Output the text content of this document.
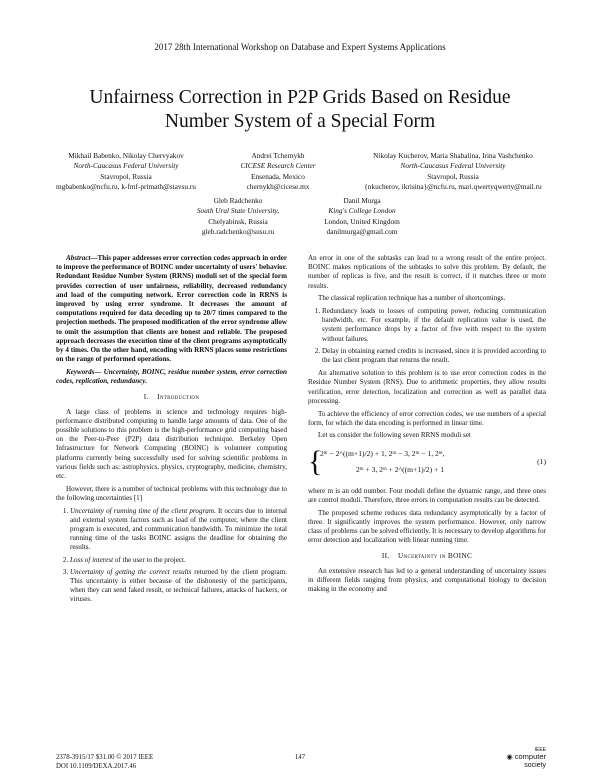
2017 28th International Workshop on Database and Expert Systems Applications
Unfairness Correction in P2P Grids Based on Residue
Number System of a Special Form
Mikhail Babenko, Nikolay Chervyakov
North-Caucasus Federal University
Stavropol, Russia
mgbabenko@ncfu.ru, k-fmf-primath@stavsu.ru
Andrei Tchernykh
CICESE Research Center
Ensenada, Mexico
chernykh@cicese.mx
Nikolay Kucherov, Maria Shabalina, Irina Vashchenko
North-Caucasus Federal University
Stavropol, Russia
{nkucherov, ikrisina}@ncfu.ru, mari.qwertyqwerty@mail.ru
Gleb Radchenko
South Ural State University,
Chelyabinsk, Russia
gleb.radchenko@susu.ru
Danil Murga
King's College London
London, United Kingdom
danilmurga@gmail.com

Abstract—This paper addresses error correction codes approach in order to improve the performance of BOINC under uncertainty of users' behavior. Redundant Residue Number System (RRNS) moduli set of the special form provides correction of user unfairness, reliability, decreased redundancy and load of the computing network. Error correction code in RRNS is improved by using error syndrome. It decreases the amount of computations required for data decoding up to 20/7 times compared to the projection methods. The proposed modification of the error syndrome allow to omit the assumption that clients are honest and reliable. The proposed approach decreases the execution time of the client programs asymptotically by 4 times. On the other hand, encoding with RRNS places some restrictions on the range of performed operations.

Keywords— Uncertainty, BOINC, residue number system, error correction codes, replication, redundancy.

I. Introduction

A large class of problems in science and technology requires high-performance distributed computing to handle large amounts of data. One of the possible solutions to this problem is the high-performance grid computing based on the Peer-to-Peer (P2P) data distribution technique. Berkeley Open Infrastructure for Network Computing (BOINC) is volunteer computing platforms currently being successfully used for solving scientific problems in various fields such as: astrophysics, physics, cryptography, medicine, chemistry, etc.

However, there is a number of technical problems with this technology due to the following uncertainties [1]

1. Uncertainty of running time of the client program. It occurs due to internal and external system factors such as load of the computer, where the client program is executed, and communication bandwidth. To minimize the total running time of the tasks BOINC assigns the deadline for obtaining the results.
2. Loss of interest of the user to the project.
3. Uncertainty of getting the correct results returned by the client program. This uncertainty is either because of the dishonesty of the participants, when they can send faked result, or technical failures, attacks of hackers, or viruses.

An error in one of the subtasks can lead to a wrong result of the entire project. BOINC makes replications of the subtasks to solve this problem. By default, the number of replicas is five, and the result is correct, if it matches three or more results.

The classical replication technique has a number of shortcomings.

1. Redundancy leads to losses of computing power, reducing communication bandwidth, etc. For example, if the default replication value is used, the system performance drops by a factor of five with respect to the system without failures.
2. Delay in obtaining earned credits is increased, since it is provided according to the last client program that returns the result.

An alternative solution to this problem is to use error correction codes in the Residue Number System (RNS). Due to arithmetic properties, they allow results verification, error detection, localization and correction as well as parallel data processing.

To achieve the efficiency of error correction codes, we use numbers of a special form, for which the data encoding is performed in linear time.

Let us consider the following seven RRNS moduli set

{
2ᵐ − 2^((m+1)/2) + 1, 2ᵐ − 3, 2ᵐ − 1, 2ᵐ,
2ᵐ + 3, 2ᵐ + 2^((m+1)/2) + 1
(1)

where m is an odd number. Four moduli define the dynamic range, and three ones are control moduli. Therefore, three errors in computation results can be detected.

The proposed scheme reduces data redundancy asymptotically by a factor of three. It significantly improves the system performance. However, only narrow class of problems can be solved efficiently. It is necessary to develop algorithms for error detection and localization with linear running time.

II. Uncertainty in BOINC

An extensive research has led to a general understanding of uncertainty issues in different fields ranging from physics, and computational biology to decision making in the economy and

2378-3915/17 $31.00 © 2017 IEEE
DOI 10.1109/DEXA.2017.46
147
IEEE
◉ computer
society
